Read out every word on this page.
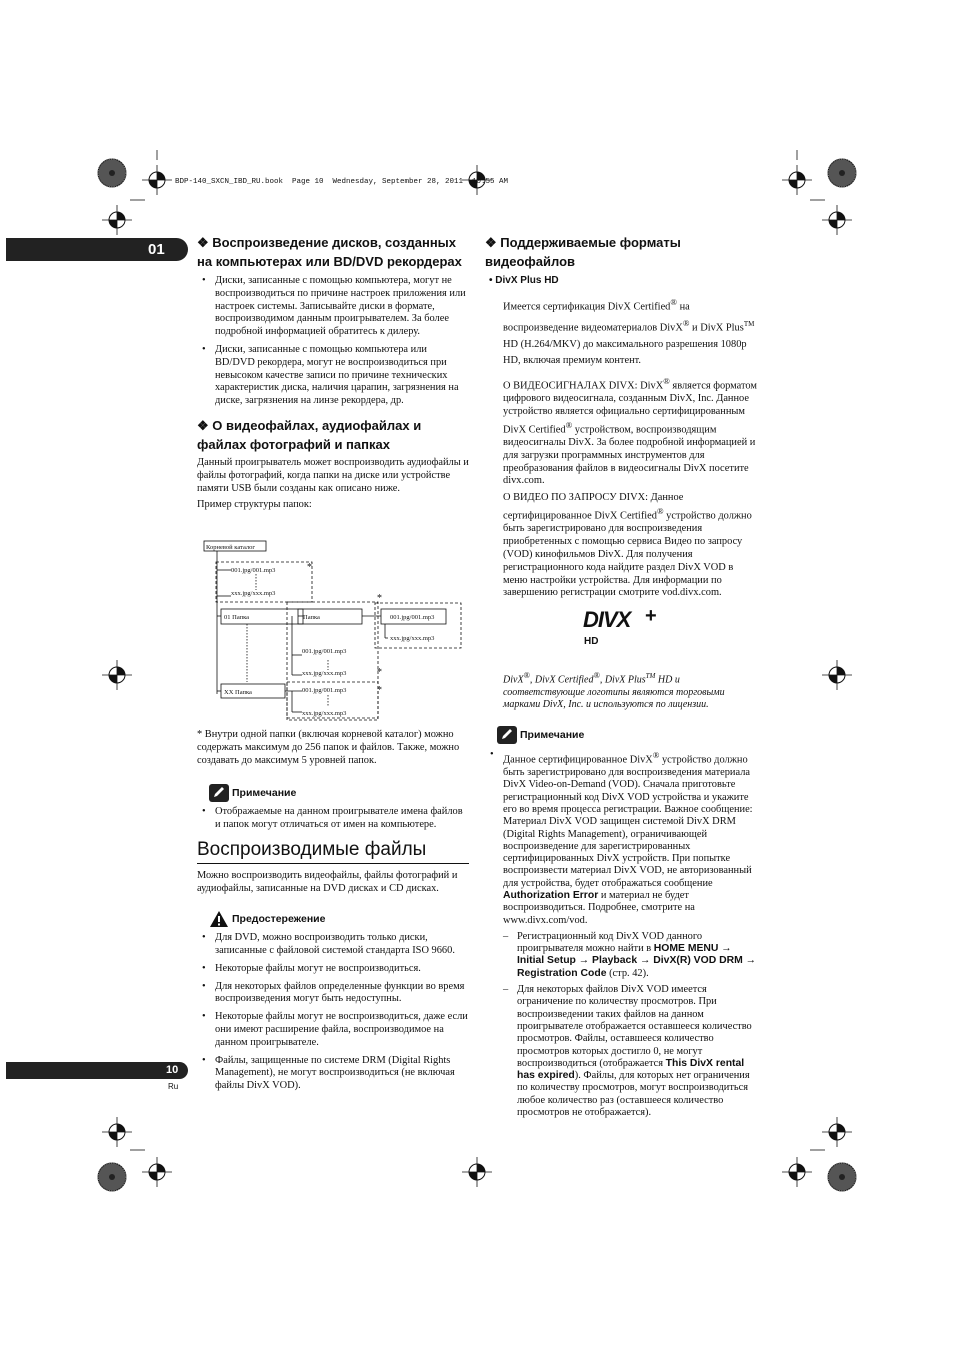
BDP-140_SXCN_IBD_RU.book  Page 10  Wednesday, September 28, 2011  10:55 AM
01 ❖ Воспроизведение дисков, созданных на компьютерах или BD/DVD рекордерах
• Диски, записанные с помощью компьютера, могут не воспроизводиться по причине настроек приложения или настроек системы. Записывайте диски в формате, воспроизводимом данным проигрывателем. За более подробной информацией обратитесь к дилеру.
• Диски, записанные с помощью компьютера или BD/DVD рекордера, могут не воспроизводиться при невысоком качестве записи по причине технических характеристик диска, наличия царапин, загрязнения на диске, загрязнения на линзе рекордера, др.
❖ О видеофайлах, аудиофайлах и файлах фотографий и папках

Данный проигрыватель может воспроизводить аудиофайлы и файлы фотографий, когда папки на диске или устройстве памяти USB были созданы как описано ниже.

Пример структуры папок:

Корневой каталог
001.jpg/001.mp3
xxx.jpg/xxx.mp3
01 Папка	Папка	001.jpg/001.mp3
xxx.jpg/xxx.mp3
001.jpg/001.mp3
xxx.jpg/xxx.mp3
XX Папка	001.jpg/001.mp3
xxx.jpg/xxx.mp3
*
*
*
*

* Внутри одной папки (включая корневой каталог) можно содержать максимум до 256 папок и файлов. Также, можно создавать до максимум 5 уровней папок.

Примечание
• Отображаемые на данном проигрывателе имена файлов и папок могут отличаться от имен на компьютере.
Воспроизводимые файлы

Можно воспроизводить видеофайлы, файлы фотографий и аудиофайлы, записанные на DVD дисках и CD дисках.

Предостережение
• Для DVD, можно воспроизводить только диски, записанные с файловой системой стандарта ISO 9660.
• Некоторые файлы могут не воспроизводиться.
• Для некоторых файлов определенные функции во время воспроизведения могут быть недоступны.
• Некоторые файлы могут не воспроизводиться, даже если они имеют расширение файла, воспроизводимое на данном проигрывателе.
• Файлы, защищенные по системе DRM (Digital Rights Management), не могут воспроизводиться (не включая файлы DivX VOD).
10
Ru
❖ Поддерживаемые форматы видеофайлов
• DivX Plus HD

Имеется сертификация DivX Certified® на воспроизведение видеоматериалов DivX® и DivX Plus™ HD (H.264/MKV) до максимального разрешения 1080p HD, включая премиум контент.

О ВИДЕОСИГНАЛАХ DIVX: DivX® является форматом цифрового видеосигнала, созданным DivX, Inc. Данное устройство является официально сертифицированным DivX Certified® устройством, воспроизводящим видеосигналы DivX. За более подробной информацией и для загрузки программных инструментов для преобразования файлов в видеосигналы DivX посетите divx.com.

О ВИДЕО ПО ЗАПРОСУ DIVX: Данное сертифицированное DivX Certified® устройство должно быть зарегистрировано для воспроизведения приобретенных с помощью сервиса Видео по запросу (VOD) кинофильмов DivX. Для получения регистрационного кода найдите раздел DivX VOD в меню настройки устройства. Для информации по завершению регистрации смотрите vod.divx.com.

DIVX +
HD

DivX®, DivX Certified®, DivX Plus™ HD и соответствующие логотипы являются торговыми марками DivX, Inc. и используются по лицензии.

Примечание
• Данное сертифицированное DivX® устройство должно быть зарегистрировано для воспроизведения материала DivX Video-on-Demand (VOD). Сначала приготовьте регистрационный код DivX VOD устройства и укажите его во время процесса регистрации. Важное сообщение: Материал DivX VOD защищен системой DivX DRM (Digital Rights Management), ограничивающей воспроизведение для зарегистрированных сертифицированных DivX устройств. При попытке воспроизвести материал DivX VOD, не авторизованный для устройства, будет отображаться сообщение Authorization Error и материал не будет воспроизводиться. Подробнее, смотрите на www.divx.com/vod.
– Регистрационный код DivX VOD данного проигрывателя можно найти в HOME MENU → Initial Setup → Playback → DivX(R) VOD DRM → Registration Code (стр. 42).
– Для некоторых файлов DivX VOD имеется ограничение по количеству просмотров. При воспроизведении таких файлов на данном проигрывателе отображается оставшееся количество просмотров. Файлы, оставшееся количество просмотров которых достигло 0, не могут воспроизводиться (отображается This DivX rental has expired). Файлы, для которых нет ограничения по количеству просмотров, могут воспроизводиться любое количество раз (оставшееся количество просмотров не отображается).
